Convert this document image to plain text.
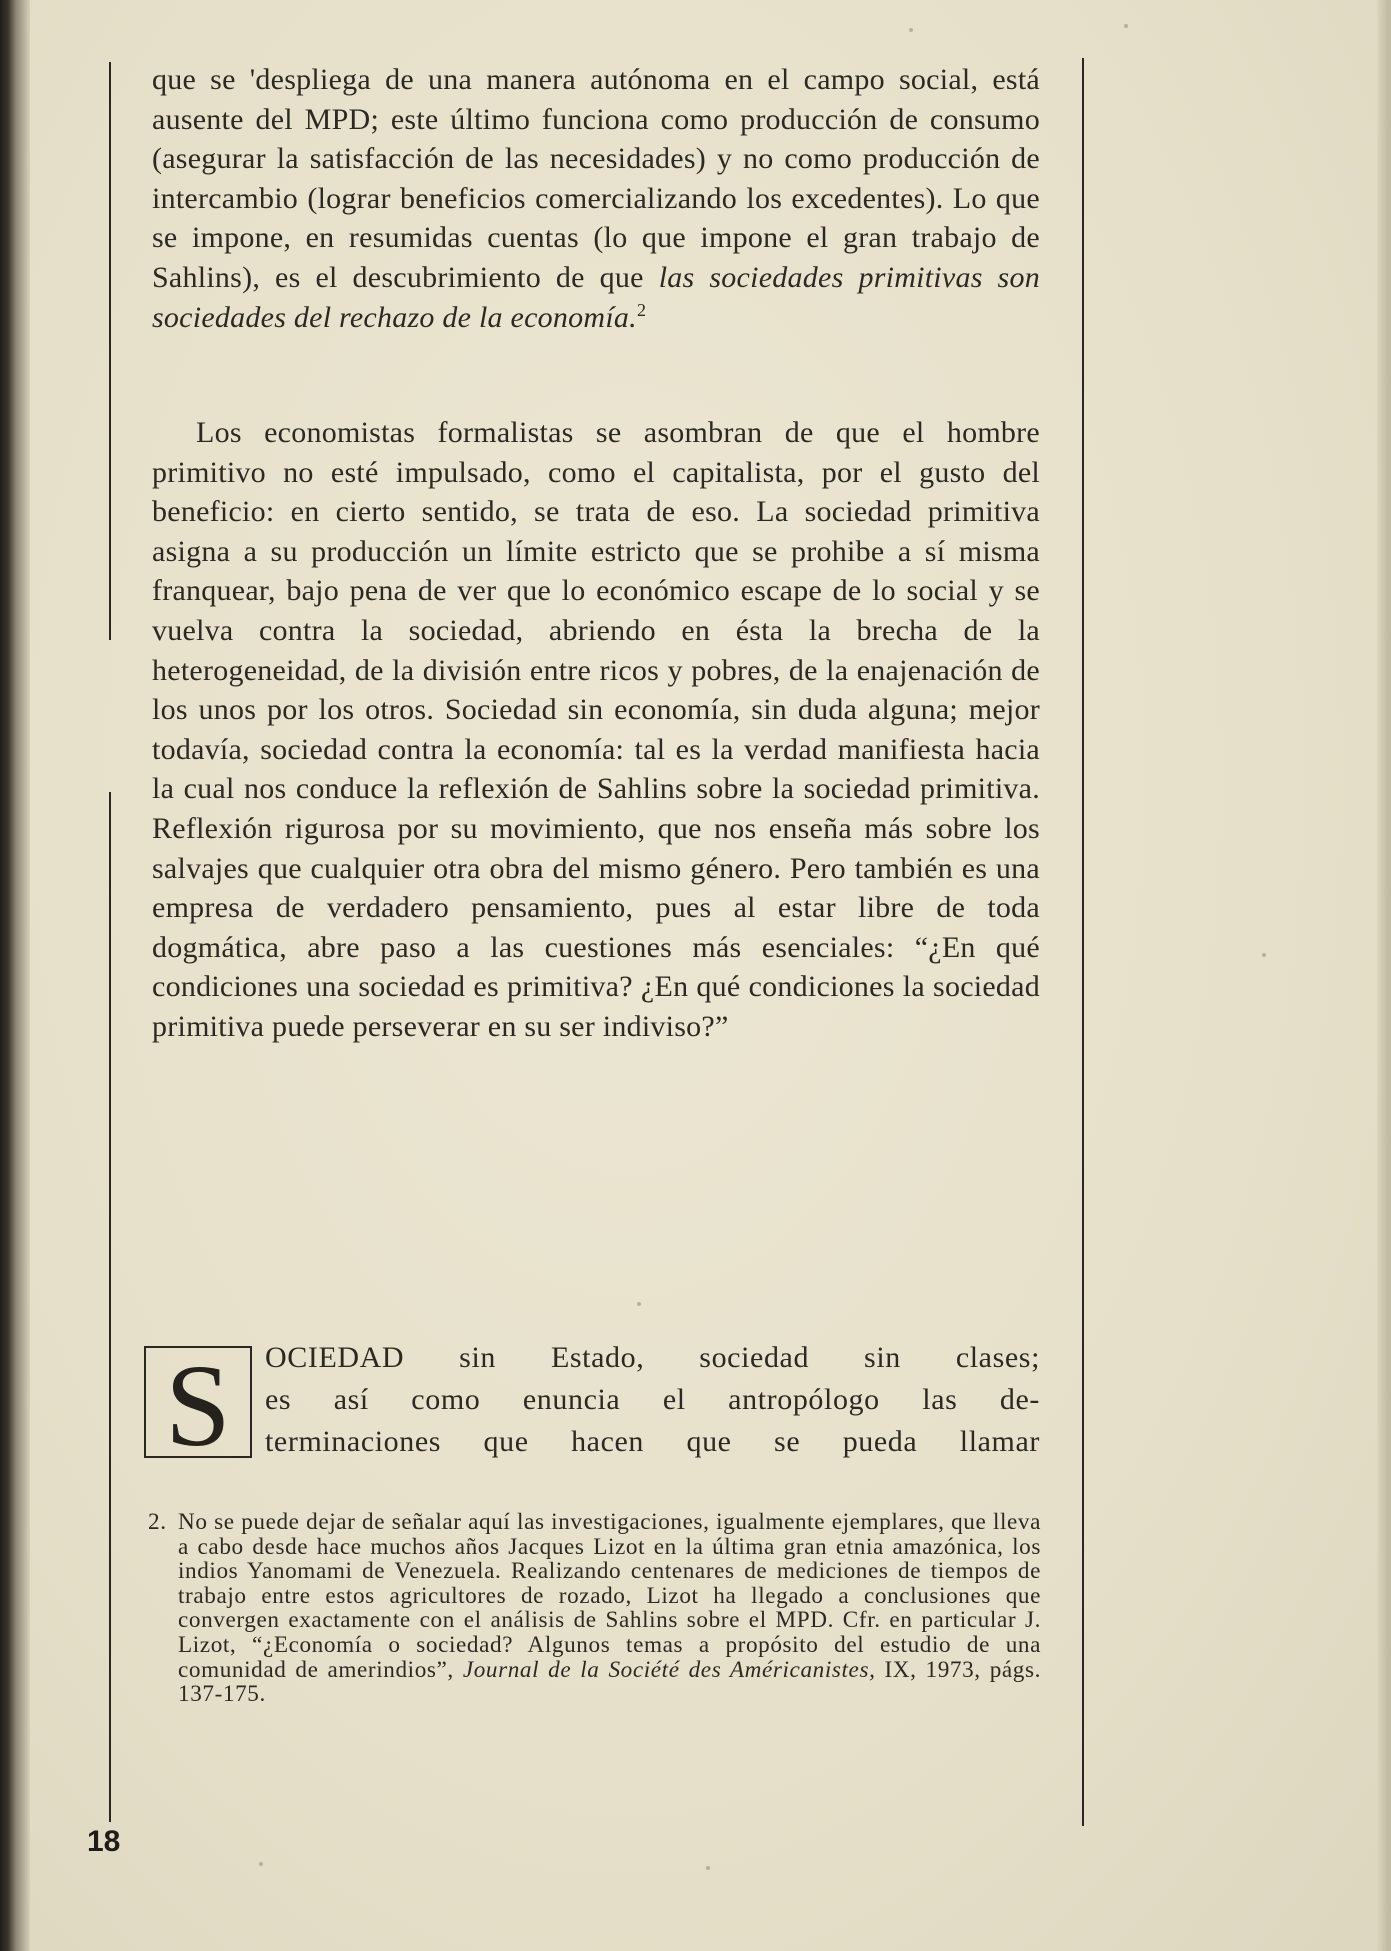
que se 'despliega de una manera autónoma en el campo social, está ausente del MPD; este último funciona como producción de consumo (asegurar la satisfacción de las necesidades) y no como producción de intercambio (lograr beneficios comercializando los excedentes). Lo que se impone, en resumidas cuentas (lo que impone el gran trabajo de Sahlins), es el descubrimiento de que las sociedades primitivas son sociedades del rechazo de la economía.$^2$

Los economistas formalistas se asombran de que el hombre primitivo no esté impulsado, como el capitalista, por el gusto del beneficio: en cierto sentido, se trata de eso. La sociedad primitiva asigna a su producción un límite estricto que se prohibe a sí misma franquear, bajo pena de ver que lo económico escape de lo social y se vuelva contra la sociedad, abriendo en ésta la brecha de la heterogeneidad, de la división entre ricos y pobres, de la enajenación de los unos por los otros. Sociedad sin economía, sin duda alguna; mejor todavía, sociedad contra la economía: tal es la verdad manifiesta hacia la cual nos conduce la reflexión de Sahlins sobre la sociedad primitiva. Reflexión rigurosa por su movimiento, que nos enseña más sobre los salvajes que cualquier otra obra del mismo género. Pero también es una empresa de verdadero pensamiento, pues al estar libre de toda dogmática, abre paso a las cuestiones más esenciales: “¿En qué condiciones una sociedad es primitiva? ¿En qué condiciones la sociedad primitiva puede perseverar en su ser indiviso?”

S	OCIEDAD sin Estado, sociedad sin clases;
es así como enuncia el antropólogo las de-
terminaciones que hacen que se pueda llamar
2. No se puede dejar de señalar aquí las investigaciones, igualmente ejemplares, que lleva a cabo desde hace muchos años Jacques Lizot en la última gran etnia amazónica, los indios Yanomami de Venezuela. Realizando centenares de mediciones de tiempos de trabajo entre estos agricultores de rozado, Lizot ha llegado a conclusiones que convergen exactamente con el análisis de Sahlins sobre el MPD. Cfr. en particular J. Lizot, “¿Economía o sociedad? Algunos temas a propósito del estudio de una comunidad de amerindios”, Journal de la Société des Américanistes, IX, 1973, págs. 137-175.
18
